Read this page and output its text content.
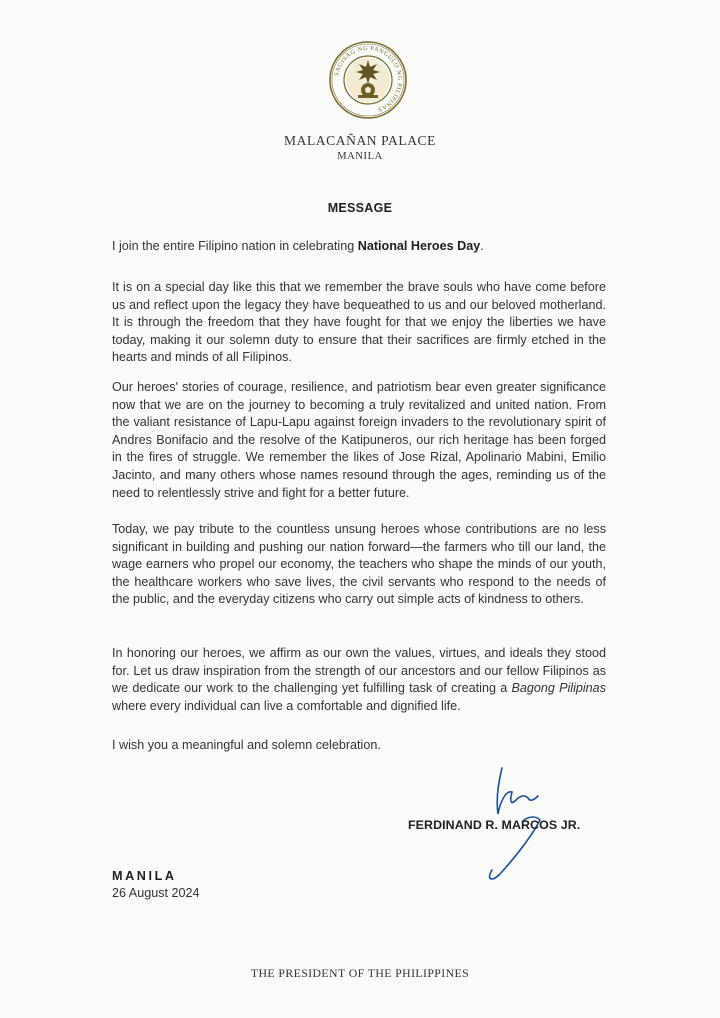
SAGISAG NG PANGULO NG PILIPINAS
MALACAÑAN PALACE
MANILA
MESSAGE

I join the entire Filipino nation in celebrating National Heroes Day.

It is on a special day like this that we remember the brave souls who have come before us and reflect upon the legacy they have bequeathed to us and our beloved motherland. It is through the freedom that they have fought for that we enjoy the liberties we have today, making it our solemn duty to ensure that their sacrifices are firmly etched in the hearts and minds of all Filipinos.

Our heroes' stories of courage, resilience, and patriotism bear even greater significance now that we are on the journey to becoming a truly revitalized and united nation. From the valiant resistance of Lapu-Lapu against foreign invaders to the revolutionary spirit of Andres Bonifacio and the resolve of the Katipuneros, our rich heritage has been forged in the fires of struggle. We remember the likes of Jose Rizal, Apolinario Mabini, Emilio Jacinto, and many others whose names resound through the ages, reminding us of the need to relentlessly strive and fight for a better future.

Today, we pay tribute to the countless unsung heroes whose contributions are no less significant in building and pushing our nation forward—the farmers who till our land, the wage earners who propel our economy, the teachers who shape the minds of our youth, the healthcare workers who save lives, the civil servants who respond to the needs of the public, and the everyday citizens who carry out simple acts of kindness to others.

In honoring our heroes, we affirm as our own the values, virtues, and ideals they stood for. Let us draw inspiration from the strength of our ancestors and our fellow Filipinos as we dedicate our work to the challenging yet fulfilling task of creating a Bagong Pilipinas where every individual can live a comfortable and dignified life.

I wish you a meaningful and solemn celebration.

FERDINAND R. MARCOS JR.
MANILA
26 August 2024
THE PRESIDENT OF THE PHILIPPINES
